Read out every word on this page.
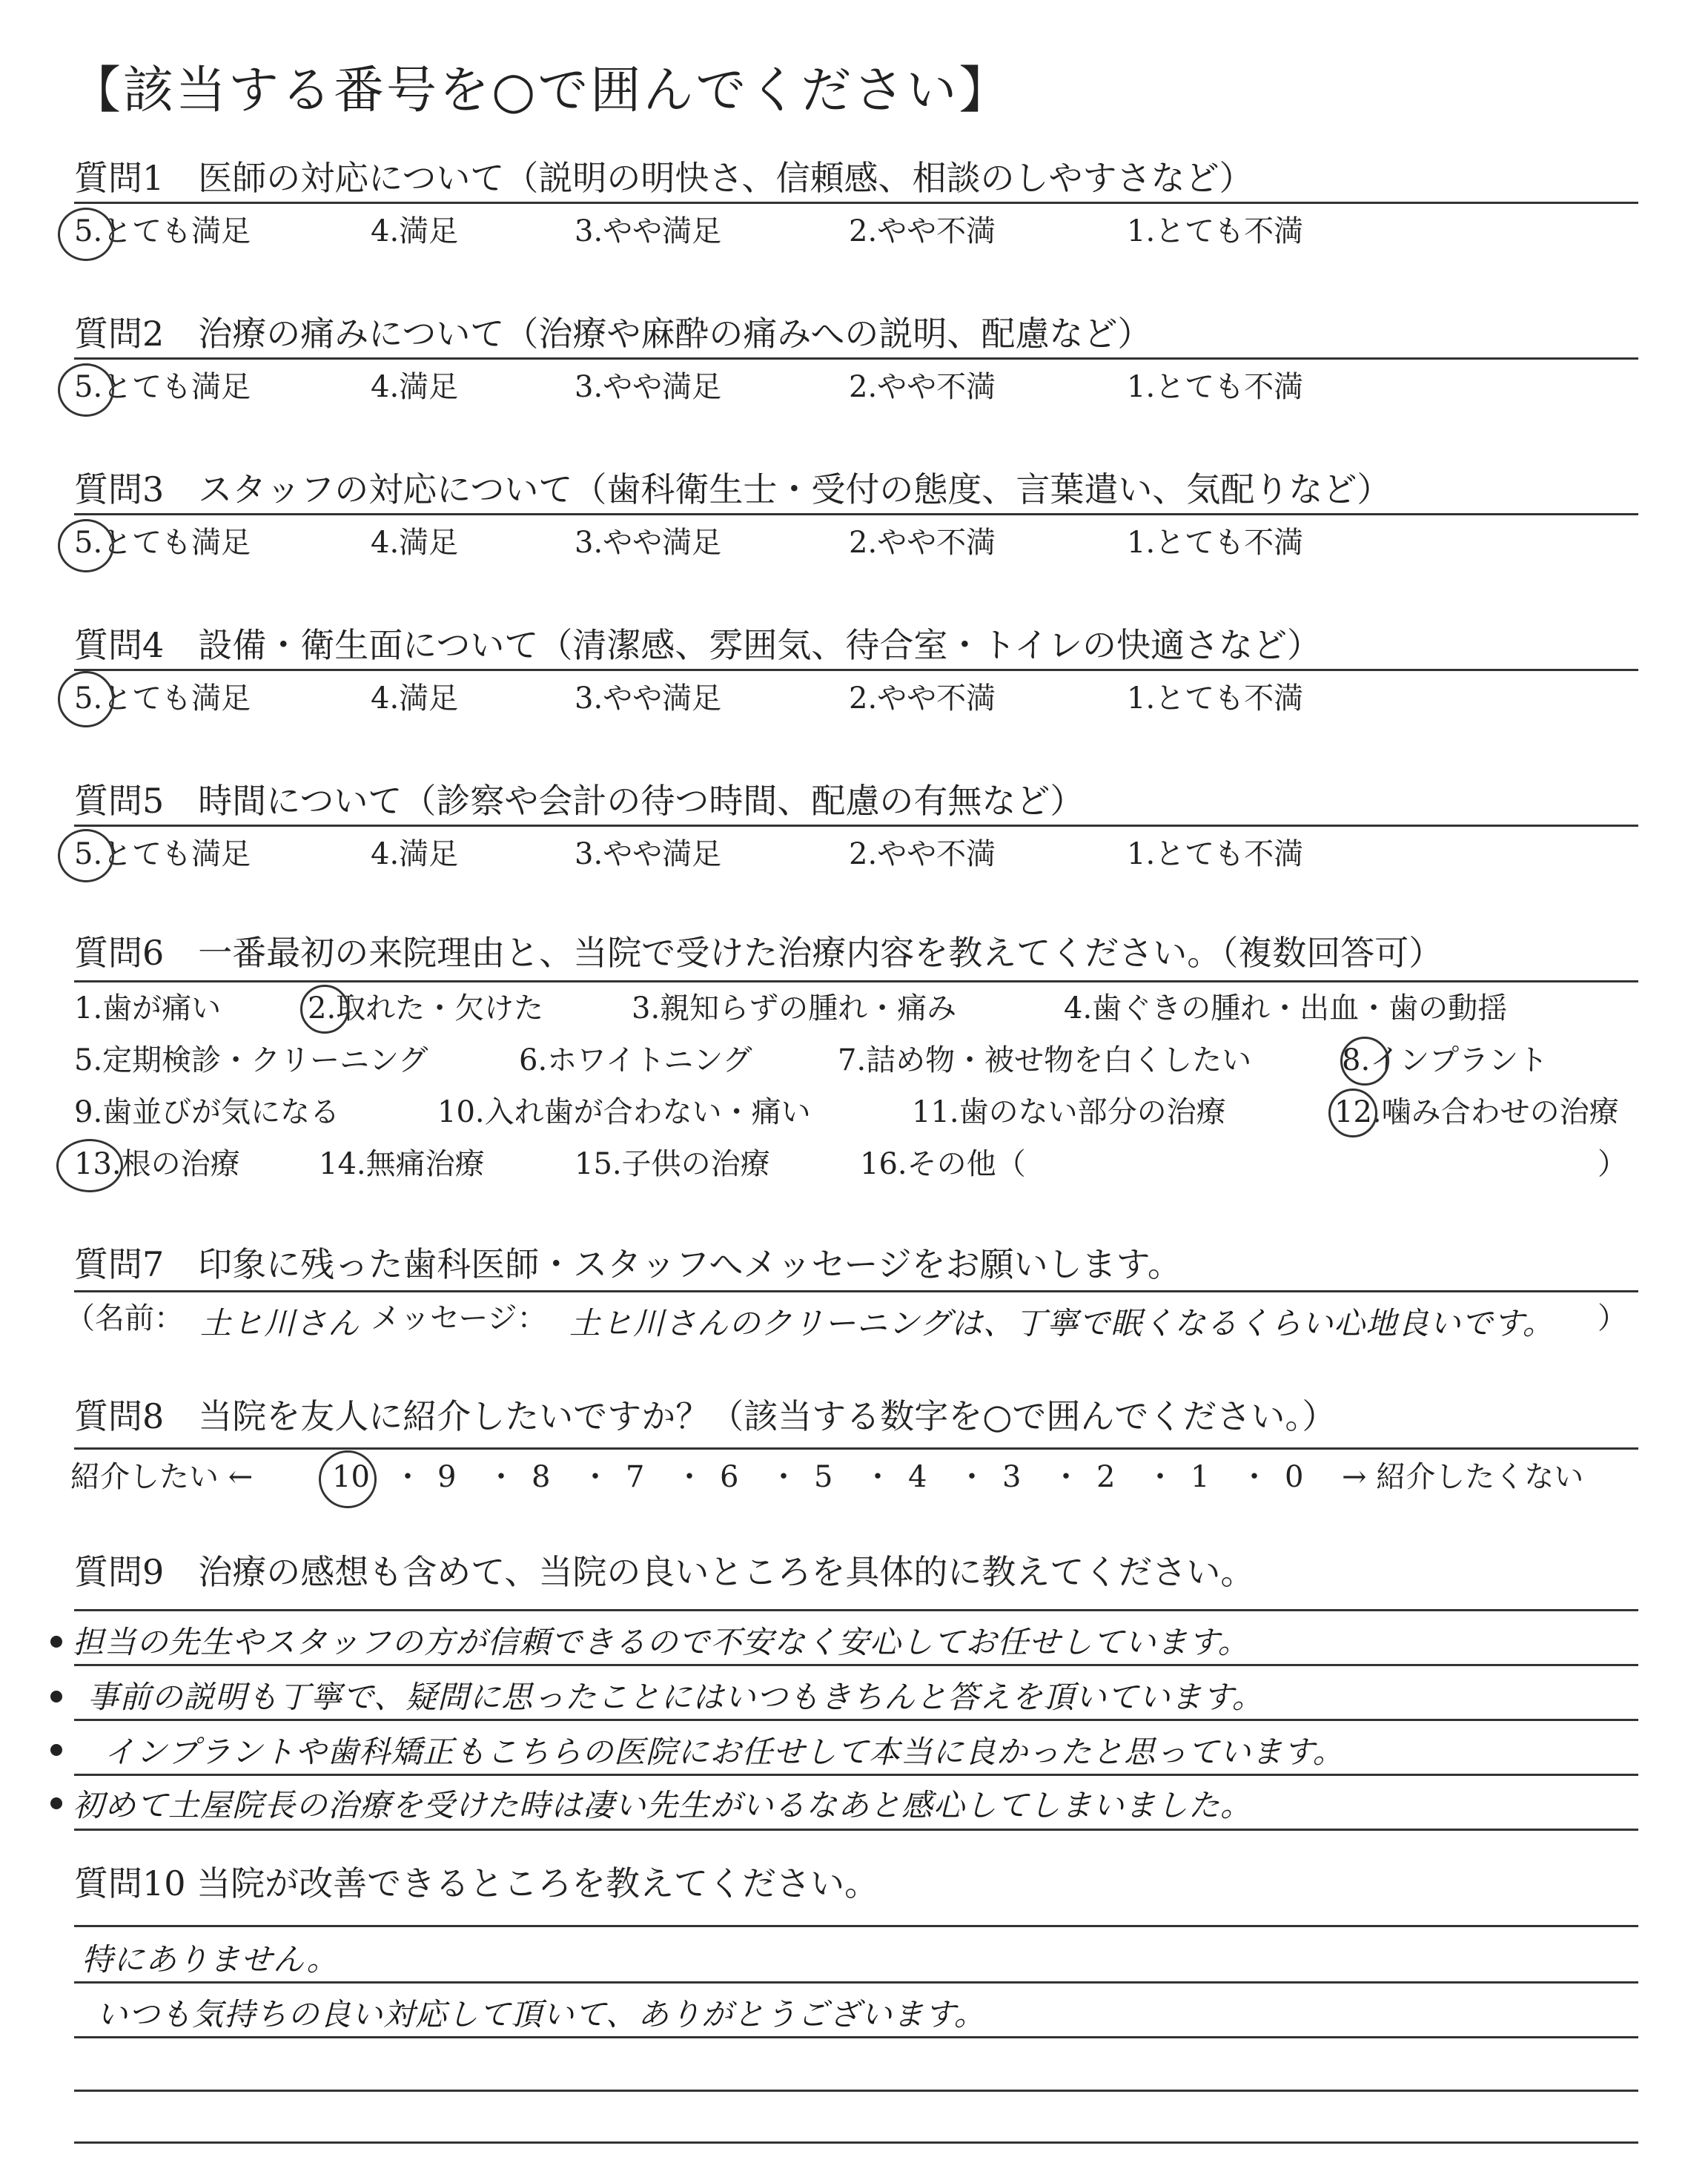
【該当する番号を○で囲んでください】
質問1　医師の対応について（説明の明快さ、信頼感、相談のしやすさなど）
5.とても満足	4.満足	3.やや満足	2.やや不満	1.とても不満
質問2　治療の痛みについて（治療や麻酔の痛みへの説明、配慮など）
5.とても満足	4.満足	3.やや満足	2.やや不満	1.とても不満
質問3　スタッフの対応について（歯科衛生士・受付の態度、言葉遣い、気配りなど）
5.とても満足	4.満足	3.やや満足	2.やや不満	1.とても不満
質問4　設備・衛生面について（清潔感、雰囲気、待合室・トイレの快適さなど）
5.とても満足	4.満足	3.やや満足	2.やや不満	1.とても不満
質問5　時間について（診察や会計の待つ時間、配慮の有無など）
5.とても満足	4.満足	3.やや満足	2.やや不満	1.とても不満
質問6　一番最初の来院理由と、当院で受けた治療内容を教えてください。（複数回答可）
1.歯が痛い	2.取れた・欠けた	3.親知らずの腫れ・痛み	4.歯ぐきの腫れ・出血・歯の動揺
5.定期検診・クリーニング	6.ホワイトニング	7.詰め物・被せ物を白くしたい	8.インプラント
9.歯並びが気になる	10.入れ歯が合わない・痛い	11.歯のない部分の治療	12.噛み合わせの治療
13.根の治療	14.無痛治療	15.子供の治療	16.その他（	）
質問7　印象に残った歯科医師・スタッフへメッセージをお願いします。
（名前： 土ヒ川さん メッセージ： 土ヒ川さんのクリーニングは、丁寧で眠くなるくらい心地良いです。 ）
質問8　当院を友人に紹介したいですか？（該当する数字を○で囲んでください。）
紹介したい ←	10 ・ 9 ・ 8 ・ 7 ・ 6 ・ 5 ・ 4 ・ 3 ・ 2 ・ 1 ・ 0 → 紹介したくない
質問9　治療の感想も含めて、当院の良いところを具体的に教えてください。
担当の先生やスタッフの方が信頼できるので不安なく安心してお任せしています。
事前の説明も丁寧で、疑問に思ったことにはいつもきちんと答えを頂いています。
インプラントや歯科矯正もこちらの医院にお任せして本当に良かったと思っています。
初めて土屋院長の治療を受けた時は凄い先生がいるなあと感心してしまいました。
質問10 当院が改善できるところを教えてください。
特にありません。
いつも気持ちの良い対応して頂いて、ありがとうございます。
